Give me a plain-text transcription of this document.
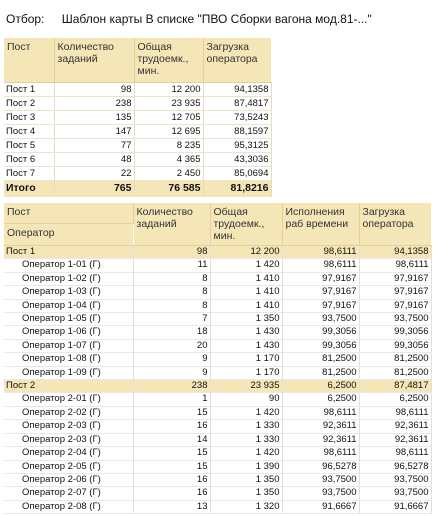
Отбор: Шаблон карты В списке "ПВО Сборки вагона мод.81-..."
Пост	Количество заданий	Общая трудоемк., мин.	Загрузка оператора
Пост 1	98	12 200	94,1358
Пост 2	238	23 935	87,4817
Пост 3	135	12 705	73,5243
Пост 4	147	12 695	88,1597
Пост 5	77	8 235	95,3125
Пост 6	48	4 365	43,3036
Пост 7	22	2 450	85,0694
Итого	765	76 585	81,8216
Пост	Количество заданий	Общая трудоемк., мин.	Исполнения раб времени	Загрузка оператора
Оператор				
Пост 1	98	12 200	98,6111	94,1358
Оператор 1-01 (Г)	11	1 420	98,6111	98,6111
Оператор 1-02 (Г)	8	1 410	97,9167	97,9167
Оператор 1-03 (Г)	8	1 410	97,9167	97,9167
Оператор 1-04 (Г)	8	1 410	97,9167	97,9167
Оператор 1-05 (Г)	7	1 350	93,7500	93,7500
Оператор 1-06 (Г)	18	1 430	99,3056	99,3056
Оператор 1-07 (Г)	20	1 430	99,3056	99,3056
Оператор 1-08 (Г)	9	1 170	81,2500	81,2500
Оператор 1-09 (Г)	9	1 170	81,2500	81,2500
Пост 2	238	23 935	6,2500	87,4817
Оператор 2-01 (Г)	1	90	6,2500	6,2500
Оператор 2-02 (Г)	15	1 420	98,6111	98,6111
Оператор 2-03 (Г)	16	1 330	92,3611	92,3611
Оператор 2-03 (Г)	14	1 330	92,3611	92,3611
Оператор 2-04 (Г)	15	1 420	98,6111	98,6111
Оператор 2-05 (Г)	15	1 390	96,5278	96,5278
Оператор 2-06 (Г)	16	1 350	93,7500	93,7500
Оператор 2-07 (Г)	16	1 350	93,7500	93,7500
Оператор 2-08 (Г)	13	1 320	91,6667	91,6667
